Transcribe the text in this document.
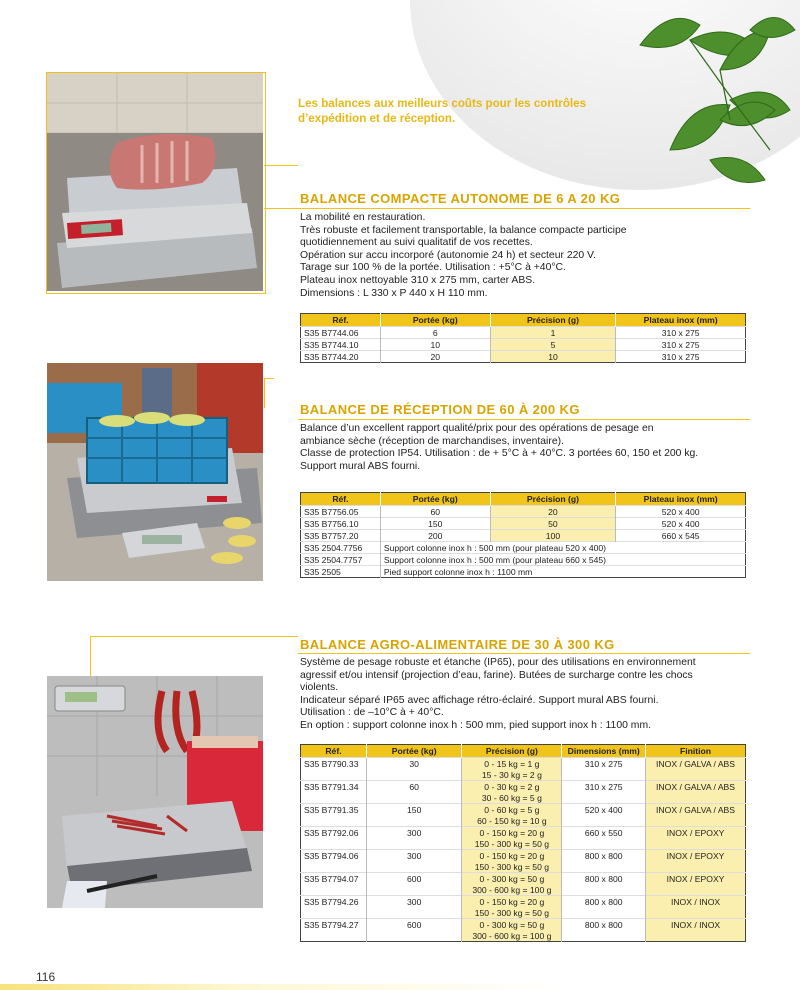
Les balances aux meilleurs coûts pour les contrôles
d’expédition et de réception.
BALANCE COMPACTE AUTONOME DE 6 A 20 KG
La mobilité en restauration.
Très robuste et facilement transportable, la balance compacte participe
quotidiennement au suivi qualitatif de vos recettes.
Opération sur accu incorporé (autonomie 24 h) et secteur 220 V.
Tarage sur 100 % de la portée. Utilisation : +5°C à +40°C.
Plateau inox nettoyable 310 x 275 mm, carter ABS.
Dimensions : L 330 x P 440 x H 110 mm.
Réf.	Portée (kg)	Précision (g)	Plateau inox (mm)
S35 B7744.06	6	1	310 x 275
S35 B7744.10	10	5	310 x 275
S35 B7744.20	20	10	310 x 275
BALANCE DE RÉCEPTION DE 60 À 200 KG
Balance d’un excellent rapport qualité/prix pour des opérations de pesage en
ambiance sèche (réception de marchandises, inventaire).
Classe de protection IP54. Utilisation : de + 5°C à + 40°C. 3 portées 60, 150 et 200 kg.
Support mural ABS fourni.
Réf.	Portée (kg)	Précision (g)	Plateau inox (mm)
S35 B7756.05	60	20	520 x 400
S35 B7756.10	150	50	520 x 400
S35 B7757.20	200	100	660 x 545
S35 2504.7756	Support colonne inox h : 500 mm (pour plateau 520 x 400)		
S35 2504.7757	Support colonne inox h : 500 mm (pour plateau 660 x 545)		
S35 2505	Pied support colonne inox h : 1100 mm		
BALANCE AGRO-ALIMENTAIRE DE 30 À 300 KG
Système de pesage robuste et étanche (IP65), pour des utilisations en environnement
agressif et/ou intensif (projection d’eau, farine). Butées de surcharge contre les chocs
violents.
Indicateur séparé IP65 avec affichage rétro-éclairé. Support mural ABS fourni.
Utilisation : de –10°C à + 40°C.
En option : support colonne inox h : 500 mm, pied support inox h : 1100 mm.
Réf.	Portée (kg)	Précision (g)	Dimensions (mm)	Finition
S35 B7790.33	30	0 - 15 kg = 1 g	310 x 275	INOX / GALVA / ABS
		15 - 30 kg = 2 g		
S35 B7791.34	60	0 - 30 kg = 2 g	310 x 275	INOX / GALVA / ABS
		30 - 60 kg = 5 g		
S35 B7791.35	150	0 - 60 kg = 5 g	520 x 400	INOX / GALVA / ABS
		60 - 150 kg = 10 g		
S35 B7792.06	300	0 - 150 kg = 20 g	660 x 550	INOX / EPOXY
		150 - 300 kg = 50 g		
S35 B7794.06	300	0 - 150 kg = 20 g	800 x 800	INOX / EPOXY
		150 - 300 kg = 50 g		
S35 B7794.07	600	0 - 300 kg = 50 g	800 x 800	INOX / EPOXY
		300 - 600 kg = 100 g		
S35 B7794.26	300	0 - 150 kg = 20 g	800 x 800	INOX / INOX
		150 - 300 kg = 50 g		
S35 B7794.27	600	0 - 300 kg = 50 g	800 x 800	INOX / INOX
		300 - 600 kg = 100 g		
116
